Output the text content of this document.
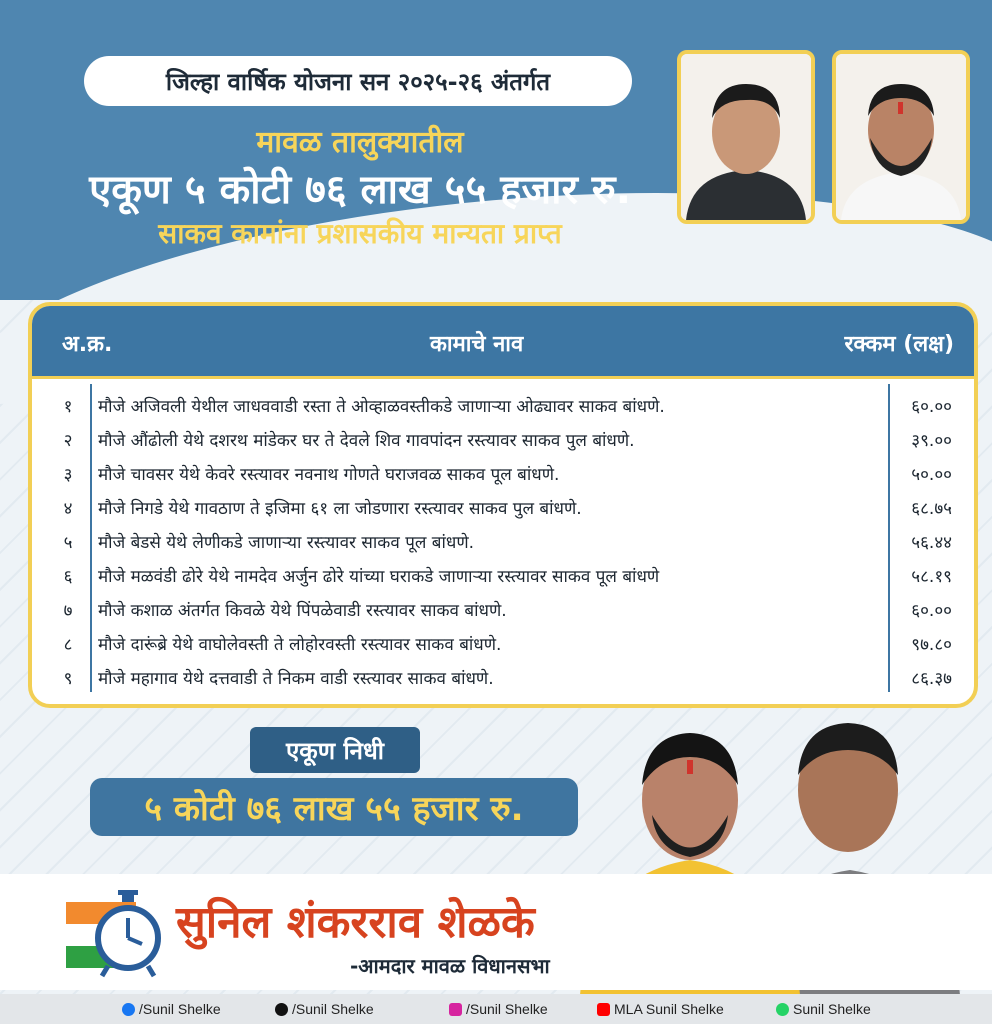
जिल्हा वार्षिक योजना सन २०२५-२६ अंतर्गत
मावळ तालुक्यातील
एकूण ५ कोटी ७६ लाख ५५ हजार रु.
साकव कामांना प्रशासकीय मान्यता प्राप्त
अ.क्र.	कामाचे नाव	रक्कम (लक्ष)
१	मौजे अजिवली येथील जाधववाडी रस्ता ते ओव्हाळवस्तीकडे जाणाऱ्या ओढ्यावर साकव बांधणे.	६०.००
२	मौजे औंढोली येथे दशरथ मांडेकर घर ते देवले शिव गावपांदन रस्त्यावर साकव पुल बांधणे.	३९.००
३	मौजे चावसर येथे केवरे रस्त्यावर नवनाथ गोणते घराजवळ साकव पूल बांधणे.	५०.००
४	मौजे निगडे येथे गावठाण ते इजिमा ६१ ला जोडणारा रस्त्यावर साकव पुल बांधणे.	६८.७५
५	मौजे बेडसे येथे लेणीकडे जाणाऱ्या रस्त्यावर साकव पूल बांधणे.	५६.४४
६	मौजे मळवंडी ढोरे येथे नामदेव अर्जुन ढोरे यांच्या घराकडे जाणाऱ्या रस्त्यावर साकव पूल बांधणे	५८.१९
७	मौजे कशाळ अंतर्गत किवळे येथे पिंपळेवाडी रस्त्यावर साकव बांधणे.	६०.००
८	मौजे दारूंब्रे येथे वाघोलेवस्ती ते लोहोरवस्ती रस्त्यावर साकव बांधणे.	९७.८०
९	मौजे महागाव येथे दत्तवाडी ते निकम वाडी रस्त्यावर साकव बांधणे.	८६.३७
एकूण निधी
५ कोटी ७६ लाख ५५ हजार रु.
सुनिल शंकरराव शेळके
-आमदार मावळ विधानसभा
/Sunil Shelke	/Sunil Shelke	/Sunil Shelke	MLA Sunil Shelke	Sunil Shelke
